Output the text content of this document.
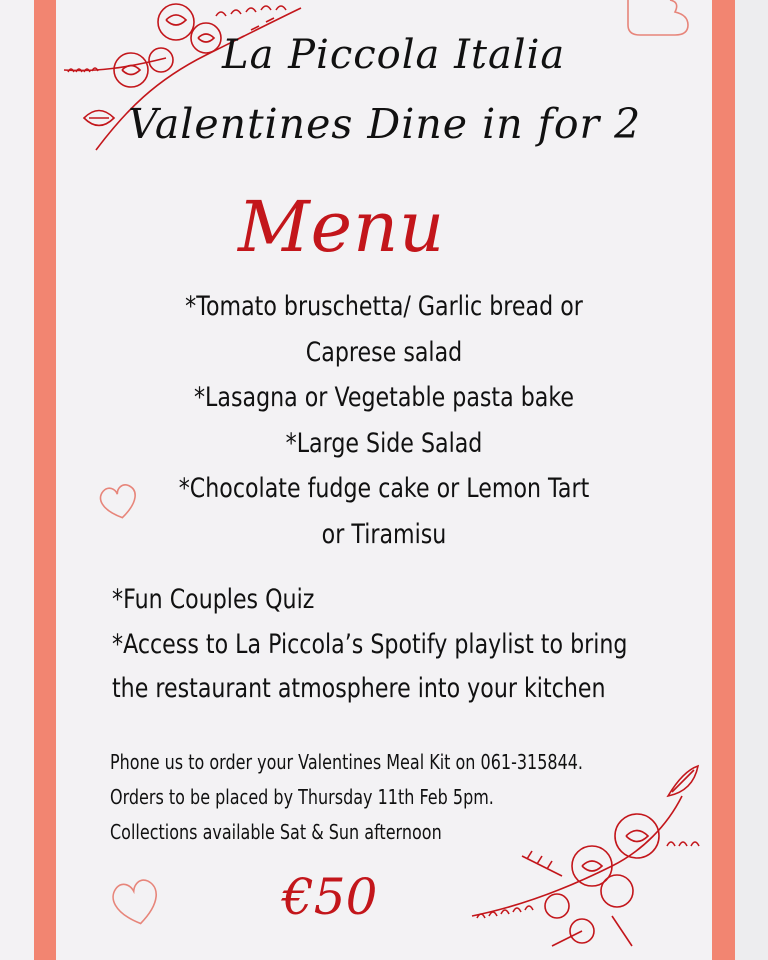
La Piccola Italia
Valentines Dine in for 2
Menu
*Tomato bruschetta/ Garlic bread or
Caprese salad
*Lasagna or Vegetable pasta bake
*Large Side Salad
*Chocolate fudge cake or Lemon Tart
or Tiramisu
*Fun Couples Quiz
*Access to La Piccola’s Spotify playlist to bring
the restaurant atmosphere into your kitchen
Phone us to order your Valentines Meal Kit on 061-315844.
Orders to be placed by Thursday 11th Feb 5pm.
Collections available Sat & Sun afternoon
€50
